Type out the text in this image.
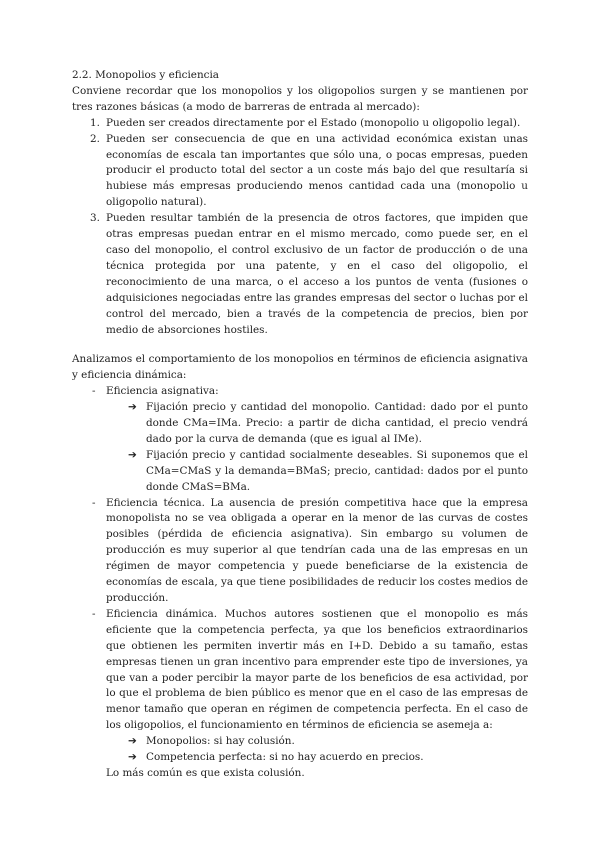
2.2. Monopolios y eficiencia

Conviene recordar que los monopolios y los oligopolios surgen y se mantienen por tres razones básicas (a modo de barreras de entrada al mercado):

1. Pueden ser creados directamente por el Estado (monopolio u oligopolio legal).
2. Pueden ser consecuencia de que en una actividad económica existan unas economías de escala tan importantes que sólo una, o pocas empresas, pueden producir el producto total del sector a un coste más bajo del que resultaría si hubiese más empresas produciendo menos cantidad cada una (monopolio u oligopolio natural).
3. Pueden resultar también de la presencia de otros factores, que impiden que otras empresas puedan entrar en el mismo mercado, como puede ser, en el caso del monopolio, el control exclusivo de un factor de producción o de una técnica protegida por una patente, y en el caso del oligopolio, el reconocimiento de una marca, o el acceso a los puntos de venta (fusiones o adquisiciones negociadas entre las grandes empresas del sector o luchas por el control del mercado, bien a través de la competencia de precios, bien por medio de absorciones hostiles.

Analizamos el comportamiento de los monopolios en términos de eficiencia asignativa y eficiencia dinámica:

- Eficiencia asignativa:
➔ Fijación precio y cantidad del monopolio. Cantidad: dado por el punto donde CMa=IMa. Precio: a partir de dicha cantidad, el precio vendrá dado por la curva de demanda (que es igual al IMe).
➔ Fijación precio y cantidad socialmente deseables. Si suponemos que el CMa=CMaS y la demanda=BMaS; precio, cantidad: dados por el punto donde CMaS=BMa.
- Eficiencia técnica. La ausencia de presión competitiva hace que la empresa monopolista no se vea obligada a operar en la menor de las curvas de costes posibles (pérdida de eficiencia asignativa). Sin embargo su volumen de producción es muy superior al que tendrían cada una de las empresas en un régimen de mayor competencia y puede beneficiarse de la existencia de economías de escala, ya que tiene posibilidades de reducir los costes medios de producción.
- Eficiencia dinámica. Muchos autores sostienen que el monopolio es más eficiente que la competencia perfecta, ya que los beneficios extraordinarios que obtienen les permiten invertir más en I+D. Debido a su tamaño, estas empresas tienen un gran incentivo para emprender este tipo de inversiones, ya que van a poder percibir la mayor parte de los beneficios de esa actividad, por lo que el problema de bien público es menor que en el caso de las empresas de menor tamaño que operan en régimen de competencia perfecta. En el caso de los oligopolios, el funcionamiento en términos de eficiencia se asemeja a:
➔ Monopolios: si hay colusión.
➔ Competencia perfecta: si no hay acuerdo en precios.

Lo más común es que exista colusión.
